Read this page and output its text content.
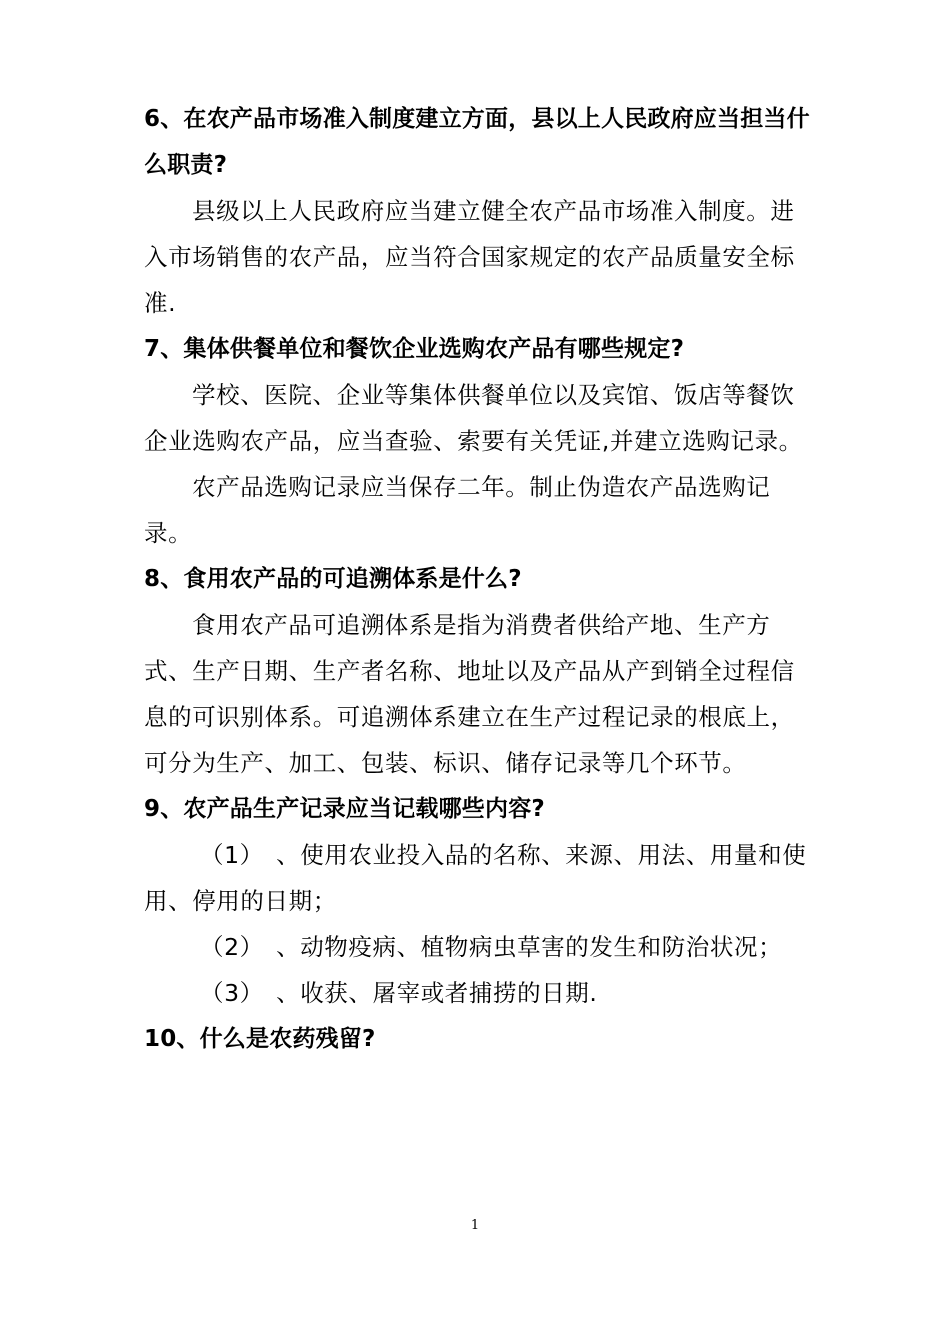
6、在农产品市场准入制度建立方面，县以上人民政府应当担当什么职责?

县级以上人民政府应当建立健全农产品市场准入制度。进入市场销售的农产品，应当符合国家规定的农产品质量安全标准.

7、集体供餐单位和餐饮企业选购农产品有哪些规定?

学校、医院、企业等集体供餐单位以及宾馆、饭店等餐饮企业选购农产品，应当查验、索要有关凭证,并建立选购记录。

农产品选购记录应当保存二年。制止伪造农产品选购记录。

8、食用农产品的可追溯体系是什么?

食用农产品可追溯体系是指为消费者供给产地、生产方式、生产日期、生产者名称、地址以及产品从产到销全过程信息的可识别体系。可追溯体系建立在生产过程记录的根底上，可分为生产、加工、包装、标识、储存记录等几个环节。

9、农产品生产记录应当记载哪些内容?

（1）　、使用农业投入品的名称、来源、用法、用量和使用、停用的日期；

（2）　、动物疫病、植物病虫草害的发生和防治状况；

（3）　、收获、屠宰或者捕捞的日期.

10、什么是农药残留?

1
